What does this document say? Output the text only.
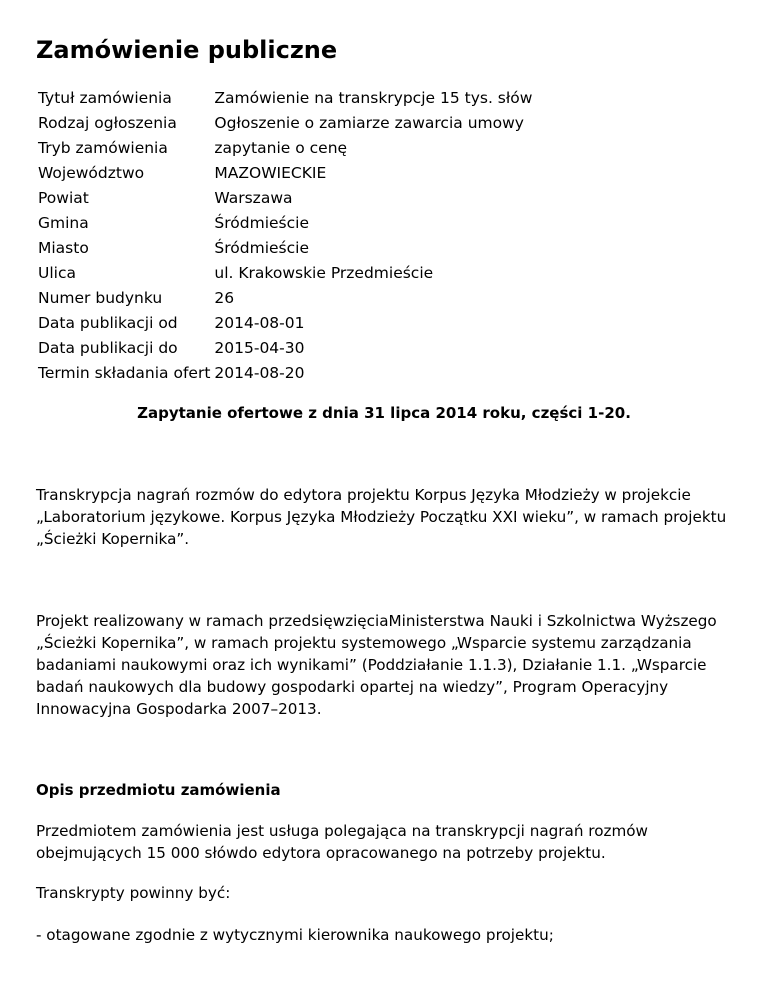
Zamówienie publiczne
Tytuł zamówienia	Zamówienie na transkrypcje 15 tys. słów
Rodzaj ogłoszenia	Ogłoszenie o zamiarze zawarcia umowy
Tryb zamówienia	zapytanie o cenę
Województwo	MAZOWIECKIE
Powiat	Warszawa
Gmina	Śródmieście
Miasto	Śródmieście
Ulica	ul. Krakowskie Przedmieście
Numer budynku	26
Data publikacji od	2014-08-01
Data publikacji do	2015-04-30
Termin składania ofert	2014-08-20
Zapytanie ofertowe z dnia 31 lipca 2014 roku, części 1-20.

Transkrypcja nagrań rozmów do edytora projektu Korpus Języka Młodzieży w projekcie „Laboratorium językowe. Korpus Języka Młodzieży Początku XXI wieku”, w ramach projektu „Ścieżki Kopernika”.

Projekt realizowany w ramach przedsięwzięciaMinisterstwa Nauki i Szkolnictwa Wyższego „Ścieżki Kopernika”, w ramach projektu systemowego „Wsparcie systemu zarządzania badaniami naukowymi oraz ich wynikami” (Poddziałanie 1.1.3), Działanie 1.1. „Wsparcie badań naukowych dla budowy gospodarki opartej na wiedzy”, Program Operacyjny Innowacyjna Gospodarka 2007–2013.

Opis przedmiotu zamówienia

Przedmiotem zamówienia jest usługa polegająca na transkrypcji nagrań rozmów obejmujących 15 000 słówdo edytora opracowanego na potrzeby projektu.

Transkrypty powinny być:

- otagowane zgodnie z wytycznymi kierownika naukowego projektu;
